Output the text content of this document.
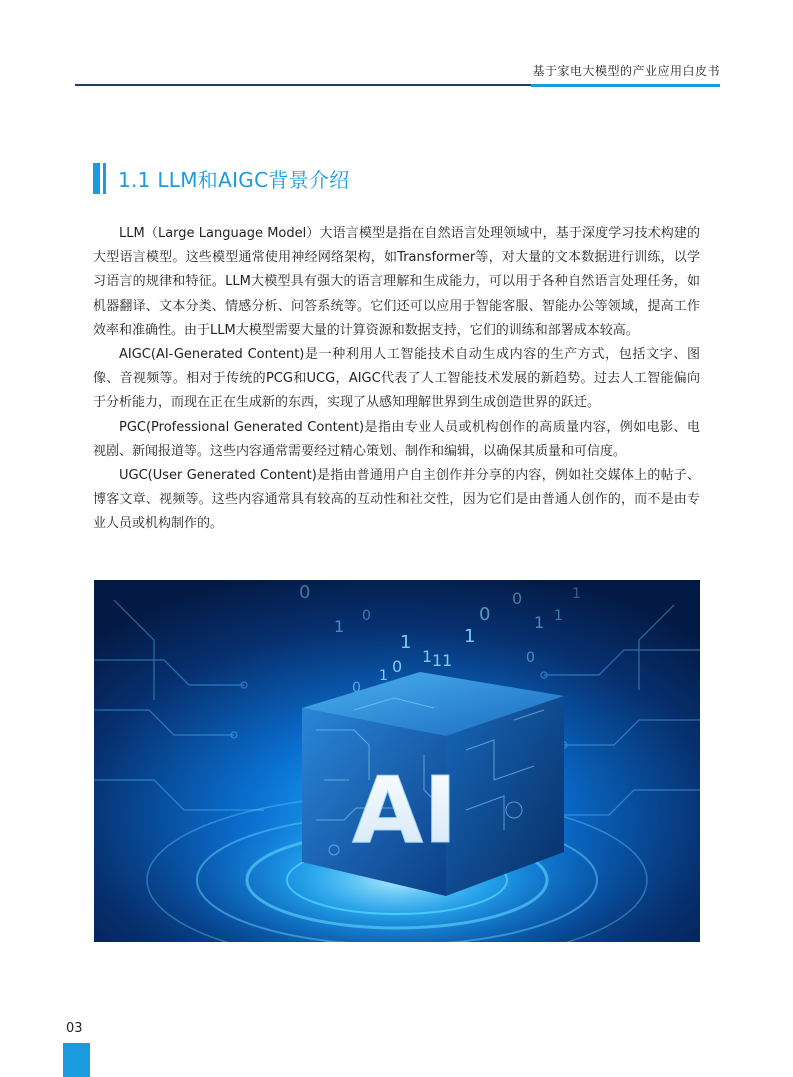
基于家电大模型的产业应用白皮书
1.1 LLM和AIGC背景介绍

LLM（Large Language Model）大语言模型是指在自然语言处理领域中，基于深度学习技术构建的大型语言模型。这些模型通常使用神经网络架构，如Transformer等，对大量的文本数据进行训练，以学习语言的规律和特征。LLM大模型具有强大的语言理解和生成能力，可以用于各种自然语言处理任务，如机器翻译、文本分类、情感分析、问答系统等。它们还可以应用于智能客服、智能办公等领域，提高工作效率和准确性。由于LLM大模型需要大量的计算资源和数据支持，它们的训练和部署成本较高。

AIGC(AI-Generated Content)是一种利用人工智能技术自动生成内容的生产方式，包括文字、图像、音视频等。相对于传统的PCG和UCG，AIGC代表了人工智能技术发展的新趋势。过去人工智能偏向于分析能力，而现在正在生成新的东西，实现了从感知理解世界到生成创造世界的跃迁。

PGC(Professional Generated Content)是指由专业人员或机构创作的高质量内容，例如电影、电视剧、新闻报道等。这些内容通常需要经过精心策划、制作和编辑，以确保其质量和可信度。

UGC(User Generated Content)是指由普通用户自主创作并分享的内容，例如社交媒体上的帖子、博客文章、视频等。这些内容通常具有较高的互动性和社交性，因为它们是由普通人创作的，而不是由专业人员或机构制作的。

0
1
0
1
0
1
1
0
11
1
0
1
0
1
1
0
AI
03
